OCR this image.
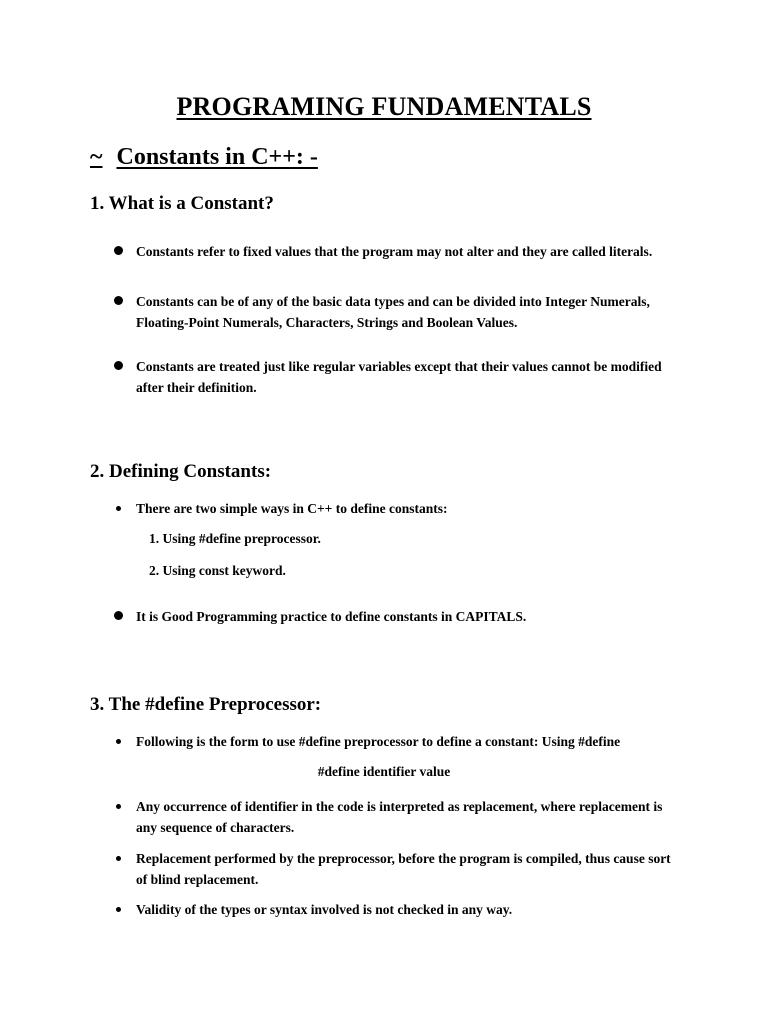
PROGRAMING FUNDAMENTALS
~ Constants in C++: -
1. What is a Constant?
Constants refer to fixed values that the program may not alter and they are called literals.
Constants can be of any of the basic data types and can be divided into Integer Numerals, Floating-Point Numerals, Characters, Strings and Boolean Values.
Constants are treated just like regular variables except that their values cannot be modified after their definition.
2. Defining Constants:
There are two simple ways in C++ to define constants:
1. Using #define preprocessor.
2. Using const keyword.
It is Good Programming practice to define constants in CAPITALS.
3. The #define Preprocessor:
Following is the form to use #define preprocessor to define a constant: Using #define
#define identifier value
Any occurrence of identifier in the code is interpreted as replacement, where replacement is any sequence of characters.
Replacement performed by the preprocessor, before the program is compiled, thus cause sort of blind replacement.
Validity of the types or syntax involved is not checked in any way.
